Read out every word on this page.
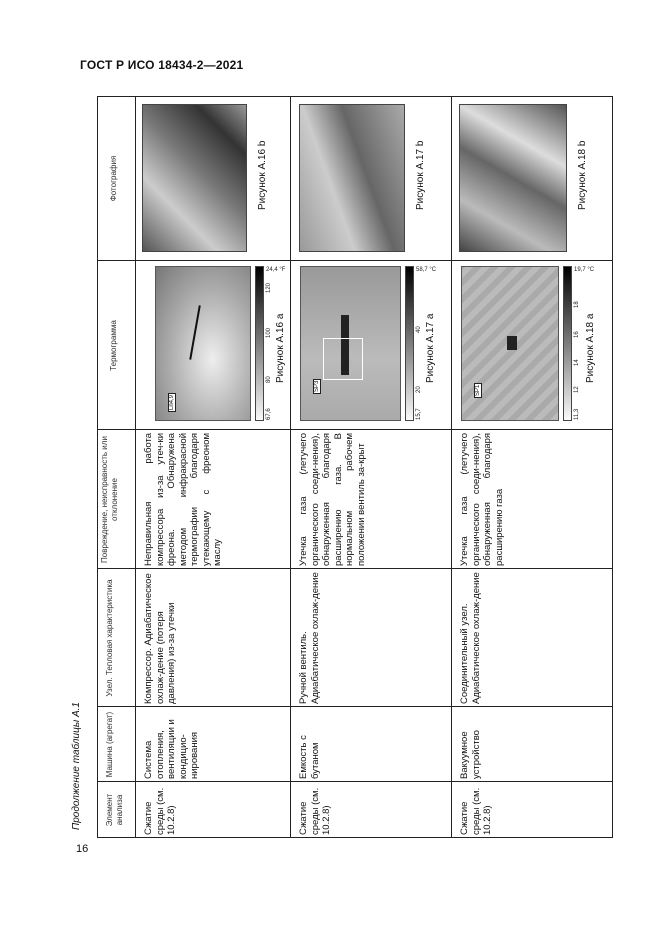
ГОСТ Р ИСО 18434-2—2021
16
Продолжение таблицы А.1	Элемент анализа
Машина (агрегат)
Узел. Тепловая характеристика
Повреждение, неисправность или отклонение
Термограмма
Фотография
Сжатие среды (см. 10.2.8)
Система отопления, вентиляции и кондицио-нирования
Компрессор. Адиабатическое охлаж-дение (потеря давления) из-за утечки
Неправильная работа компрессора из-за утеч-ки фреона. Обнаружена методом инфракрасной термографии благодаря утекающему с фреоном маслу
Ln4,9
24,4 °F
120
100
80
67,6
Рисунок А.16 a
Рисунок А.16 b
Сжатие среды (см. 10.2.8)
Емкость с бутаном
Ручной вентиль. Адиабатическое охлаж-дение
Утечка газа (летучего органического соеди-нения), обнаруженная благодаря расширению газа. В нормальном рабочем положении вентиль за-крыт
SP3
58,7 °C
40
20
15,7
Рисунок А.17 a
Рисунок А.17 b
Сжатие среды (см. 10.2.8)
Вакуумное устройство
Соединительный узел. Адиабатическое охлаж-дение
Утечка газа (летучего органического соеди-нения), обнаруженная благодаря расширению газа
SP1
19,7 °C
18
16
14
12
11,3
Рисунок А.18 a
Рисунок А.18 b
